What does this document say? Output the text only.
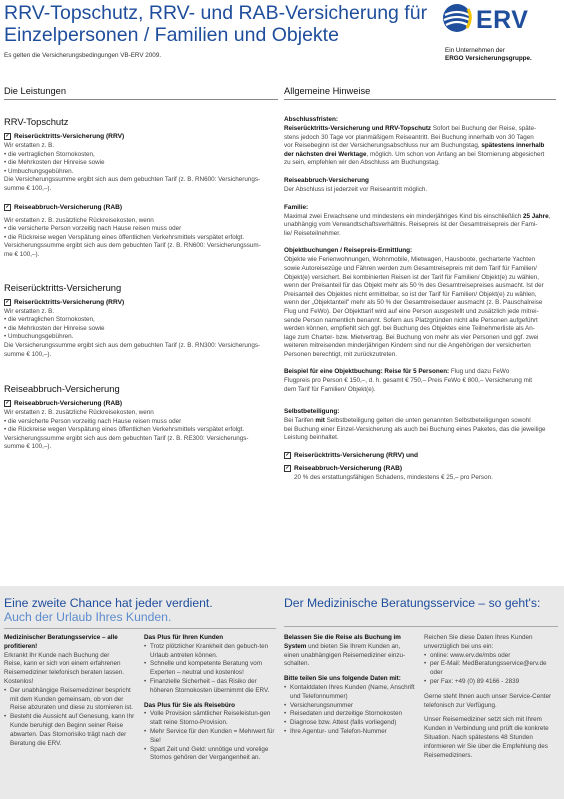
RRV-Topschutz, RRV- und RAB-Versicherung für Einzelpersonen / Familien und Objekte
Es gelten die Versicherungsbedingungen VB-ERV 2009.
ERV
Ein Unternehmen der
ERGO Versicherungsgruppe.
Die Leistungen
RRV-Topschutz
✓ Reiserücktritts-Versicherung (RRV)
Wir erstatten z. B.
• die vertraglichen Stornokosten,
• die Mehrkosten der Hinreise sowie
• Umbuchungsgebühren.
Die Versicherungssumme ergibt sich aus dem gebuchten Tarif (z. B. RN600: Versicherungs-
summe € 100,–).
✓ Reiseabbruch-Versicherung (RAB)
Wir erstatten z. B. zusätzliche Rückreisekosten, wenn
• die versicherte Person vorzeitig nach Hause reisen muss oder
• die Rückreise wegen Verspätung eines öffentlichen Verkehrsmittels verspätet erfolgt.
Versicherungssumme ergibt sich aus dem gebuchten Tarif (z. B. RN600: Versicherungssum-
me € 100,–).
Reiserücktritts-Versicherung
✓ Reiserücktritts-Versicherung (RRV)
Wir erstatten z. B.
• die vertraglichen Stornokosten,
• die Mehrkosten der Hinreise sowie
• Umbuchungsgebühren.
Die Versicherungssumme ergibt sich aus dem gebuchten Tarif (z. B. RN300: Versicherungs-
summe € 100,–).
Reiseabbruch-Versicherung
✓ Reiseabbruch-Versicherung (RAB)
Wir erstatten z. B. zusätzliche Rückreisekosten, wenn
• die versicherte Person vorzeitig nach Hause reisen muss oder
• die Rückreise wegen Verspätung eines öffentlichen Verkehrsmittels verspätet erfolgt.
Versicherungssumme ergibt sich aus dem gebuchten Tarif (z. B. RE300: Versicherungs-
summe € 100,–).
Allgemeine Hinweise
Abschlussfristen:
Reiserücktritts-Versicherung und RRV-Topschutz Sofort bei Buchung der Reise, späte-
stens jedoch 30 Tage vor planmäßigem Reiseantritt. Bei Buchung innerhalb von 30 Tagen
vor Reisebeginn ist der Versicherungsabschluss nur am Buchungstag, spätestens innerhalb
der nächsten drei Werktage, möglich. Um schon von Anfang an bei Stornierung abgesichert
zu sein, empfehlen wir den Abschluss am Buchungstag.
Reiseabbruch-Versicherung
Der Abschluss ist jederzeit vor Reiseantritt möglich.
Familie:
Maximal zwei Erwachsene und mindestens ein minderjähriges Kind bis einschließlich 25 Jahre,
unabhängig vom Verwandtschaftsverhältnis. Reisepreis ist der Gesamtreisepreis der Fami-
lie/ Reiseteilnehmer.
Objektbuchungen / Reisepreis-Ermittlung:
Objekte wie Ferienwohnungen, Wohnmobile, Mietwagen, Hausboote, gecharterte Yachten
sowie Autoreisezüge und Fähren werden zum Gesamtreisepreis mit dem Tarif für Familien/
Objekt(e) versichert. Bei kombinierten Reisen ist der Tarif für Familien/ Objekt(e) zu wählen,
wenn der Preisanteil für das Objekt mehr als 50 % des Gesamtreisepreises ausmacht. Ist der
Preisanteil des Objektes nicht ermittelbar, so ist der Tarif für Familien/ Objekt(e) zu wählen,
wenn der „Objektanteil" mehr als 50 % der Gesamtreisedauer ausmacht (z. B. Pauschalreise
Flug und FeWo). Der Objekttarif wird auf eine Person ausgestellt und zusätzlich jede mitrei-
sende Person namentlich benannt. Sofern aus Platzgründen nicht alle Personen aufgeführt
werden können, empfiehlt sich ggf. bei Buchung des Objektes eine Teilnehmerliste als An-
lage zum Charter- bzw. Mietvertrag. Bei Buchung von mehr als vier Personen und ggf. zwei
weiteren mitreisenden minderjährigen Kindern sind nur die Angehörigen der versicherten
Personen berechtigt, mit zurückzutreten.
Beispiel für eine Objektbuchung: Reise für 5 Personen: Flug und dazu FeWo
Flugpreis pro Person € 150,–, d. h. gesamt € 750,– Preis FeWo € 800,– Versicherung mit
dem Tarif für Familien/ Objekt(e).
Selbstbeteiligung:
Bei Tarifen mit Selbstbeteiligung gelten die unten genannten Selbstbeteiligungen sowohl
bei Buchung einer Einzel-Versicherung als auch bei Buchung eines Paketes, das die jeweilige
Leistung beinhaltet.
✓ Reiserücktritts-Versicherung (RRV) und
✓ Reiseabbruch-Versicherung (RAB)
20 % des erstattungsfähigen Schadens, mindestens € 25,– pro Person.
Eine zweite Chance hat jeder verdient.
Auch der Urlaub Ihres Kunden.
Medizinischer Beratungsservice – alle profitieren!
Erkrankt Ihr Kunde nach Buchung der
Reise, kann er sich von einem erfahrenen
Reisemediziner telefonisch beraten lassen.
Kostenlos!
• Der unabhängige Reisemediziner bespricht mit dem Kunden gemeinsam, ob von der Reise abzuraten und diese zu stornieren ist.
• Besteht die Aussicht auf Genesung, kann Ihr Kunde beruhigt den Beginn seiner Reise abwarten. Das Stornorisiko trägt nach der Beratung die ERV.
Das Plus für Ihren Kunden
• Trotz plötzlicher Krankheit den gebuch-ten Urlaub antreten können.
• Schnelle und kompetente Beratung vom Experten – neutral und kostenlos!
• Finanzielle Sicherheit – das Risiko der höheren Stornokosten übernimmt die ERV.
Das Plus für Sie als Reisebüro
• Volle Provision sämtlicher Reiseleistun-gen statt reine Storno-Provision.
• Mehr Service für den Kunden = Mehrwert für Sie!
• Spart Zeit und Geld: unnötige und vorelige Stornos gehören der Vergangenheit an.
Der Medizinische Beratungsservice – so geht's:
Belassen Sie die Reise als Buchung im System und bieten Sie Ihrem Kunden an, einen unabhängigen Reisemediziner einzu-schalten.
Bitte teilen Sie uns folgende Daten mit:
• Kontaktdaten Ihres Kunden (Name, Anschrift und Telefonnummer)
• Versicherungsnummer
• Reisedaten und derzeitige Stornokosten
• Diagnose bzw. Attest (falls vorliegend)
• Ihre Agentur- und Telefon-Nummer
Reichen Sie diese Daten Ihres Kunden unverzüglich bei uns ein:
• online: www.erv.de/mbs oder
• per E-Mail: MedBeratungsservice@erv.de oder
• per Fax: +49 (0) 89 4166 - 2839
Gerne steht Ihnen auch unser Service-Center telefonisch zur Verfügung.
Unser Reisemediziner setzt sich mit Ihrem Kunden in Verbindung und prüft die konkrete Situation. Nach spätestens 48 Stunden informieren wir Sie über die Empfehlung des Reisemediziners.
